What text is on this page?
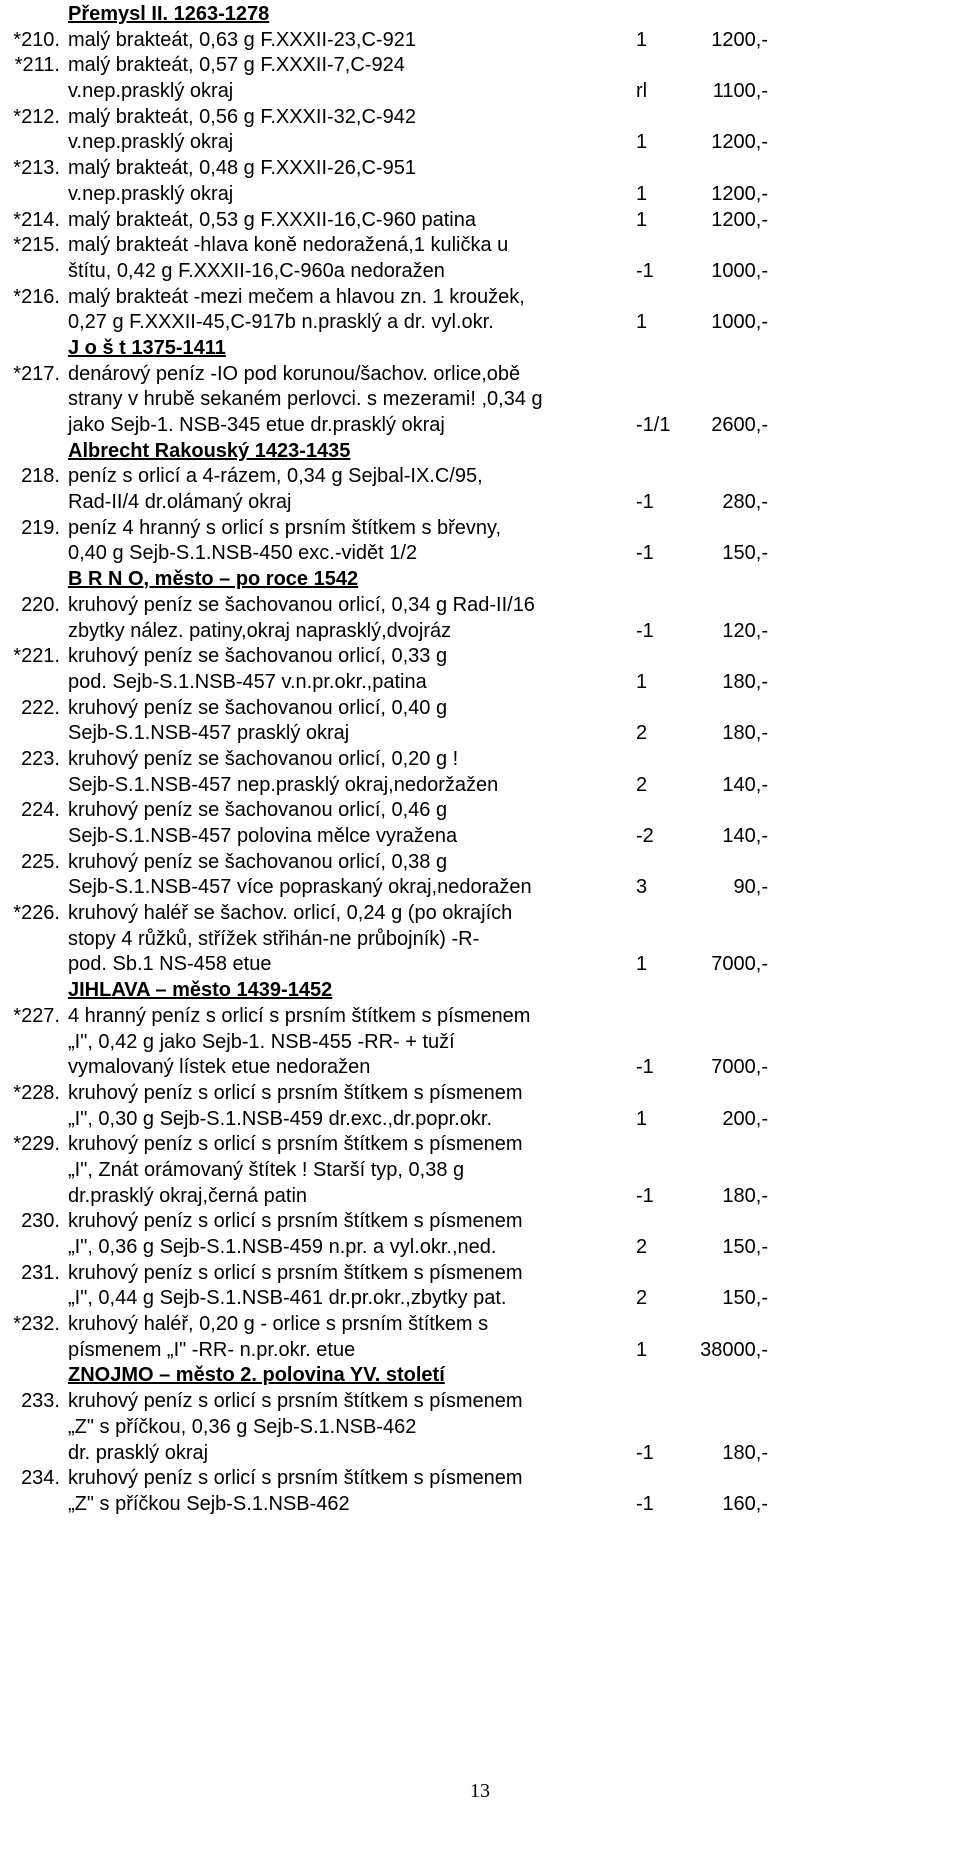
Přemysl II. 1263-1278
*210. malý brakteát, 0,63 g F.XXXII-23,C-921	1	1200,-
*211. malý brakteát, 0,57 g F.XXXII-7,C-924
v.nep.prasklý okraj	rl	1100,-
*212. malý brakteát, 0,56 g F.XXXII-32,C-942
v.nep.prasklý okraj	1	1200,-
*213. malý brakteát, 0,48 g F.XXXII-26,C-951
v.nep.prasklý okraj	1	1200,-
*214. malý brakteát, 0,53 g F.XXXII-16,C-960 patina	1	1200,-
*215. malý brakteát -hlava koně nedoražená,1 kulička u
štítu, 0,42 g F.XXXII-16,C-960a nedoražen	-1	1000,-
*216. malý brakteát -mezi mečem a hlavou zn. 1 kroužek,
0,27 g F.XXXII-45,C-917b n.prasklý a dr. vyl.okr.	1	1000,-
J o š t 1375-1411
*217. denárový peníz -IO pod korunou/šachov. orlice,obě
strany v hrubě sekaném perlovci. s mezerami! ,0,34 g
jako Sejb-1. NSB-345 etue dr.prasklý okraj	-1/1 2600,-
Albrecht Rakouský 1423-1435
218. peníz s orlicí a 4-rázem, 0,34 g Sejbal-IX.C/95,
Rad-II/4 dr.olámaný okraj	-1	280,-
219. peníz 4 hranný s orlicí s prsním štítkem s břevny,
0,40 g Sejb-S.1.NSB-450 exc.-vidět 1/2	-1	150,-
B R N O, město – po roce 1542
220. kruhový peníz se šachovanou orlicí, 0,34 g Rad-II/16
zbytky nález. patiny,okraj naprasklý,dvojráz	-1	120,-
*221. kruhový peníz se šachovanou orlicí, 0,33 g
pod. Sejb-S.1.NSB-457 v.n.pr.okr.,patina	1	180,-
222. kruhový peníz se šachovanou orlicí, 0,40 g
Sejb-S.1.NSB-457 prasklý okraj	2	180,-
223. kruhový peníz se šachovanou orlicí, 0,20 g !
Sejb-S.1.NSB-457 nep.prasklý okraj,nedoržažen	2	140,-
224. kruhový peníz se šachovanou orlicí, 0,46 g
Sejb-S.1.NSB-457 polovina mělce vyražena	-2	140,-
225. kruhový peníz se šachovanou orlicí, 0,38 g
Sejb-S.1.NSB-457 více popraskaný okraj,nedoražen	3	90,-
*226. kruhový haléř se šachov. orlicí, 0,24 g (po okrajích
stopy 4 růžků, střížek střihán-ne průbojník) -R-
pod. Sb.1 NS-458 etue	1	7000,-
JIHLAVA – město 1439-1452
*227. 4 hranný peníz s orlicí s prsním štítkem s písmenem
„I", 0,42 g jako Sejb-1. NSB-455 -RR- + tuží
vymalovaný lístek etue nedoražen	-1	7000,-
*228. kruhový peníz s orlicí s prsním štítkem s písmenem
„I", 0,30 g Sejb-S.1.NSB-459 dr.exc.,dr.popr.okr.	1	200,-
*229. kruhový peníz s orlicí s prsním štítkem s písmenem
„I", Znát orámovaný štítek ! Starší typ, 0,38 g
dr.prasklý okraj,černá patin	-1	180,-
230. kruhový peníz s orlicí s prsním štítkem s písmenem
„I", 0,36 g Sejb-S.1.NSB-459 n.pr. a vyl.okr.,ned.	2	150,-
231. kruhový peníz s orlicí s prsním štítkem s písmenem
„I", 0,44 g Sejb-S.1.NSB-461 dr.pr.okr.,zbytky pat.	2	150,-
*232. kruhový haléř, 0,20 g - orlice s prsním štítkem s
písmenem „I" -RR- n.pr.okr. etue	1	38000,-
ZNOJMO – město 2. polovina YV. století
233. kruhový peníz s orlicí s prsním štítkem s písmenem
„Z" s příčkou, 0,36 g Sejb-S.1.NSB-462
dr. prasklý okraj	-1	180,-
234. kruhový peníz s orlicí s prsním štítkem s písmenem
„Z" s příčkou Sejb-S.1.NSB-462	-1	160,-
13
